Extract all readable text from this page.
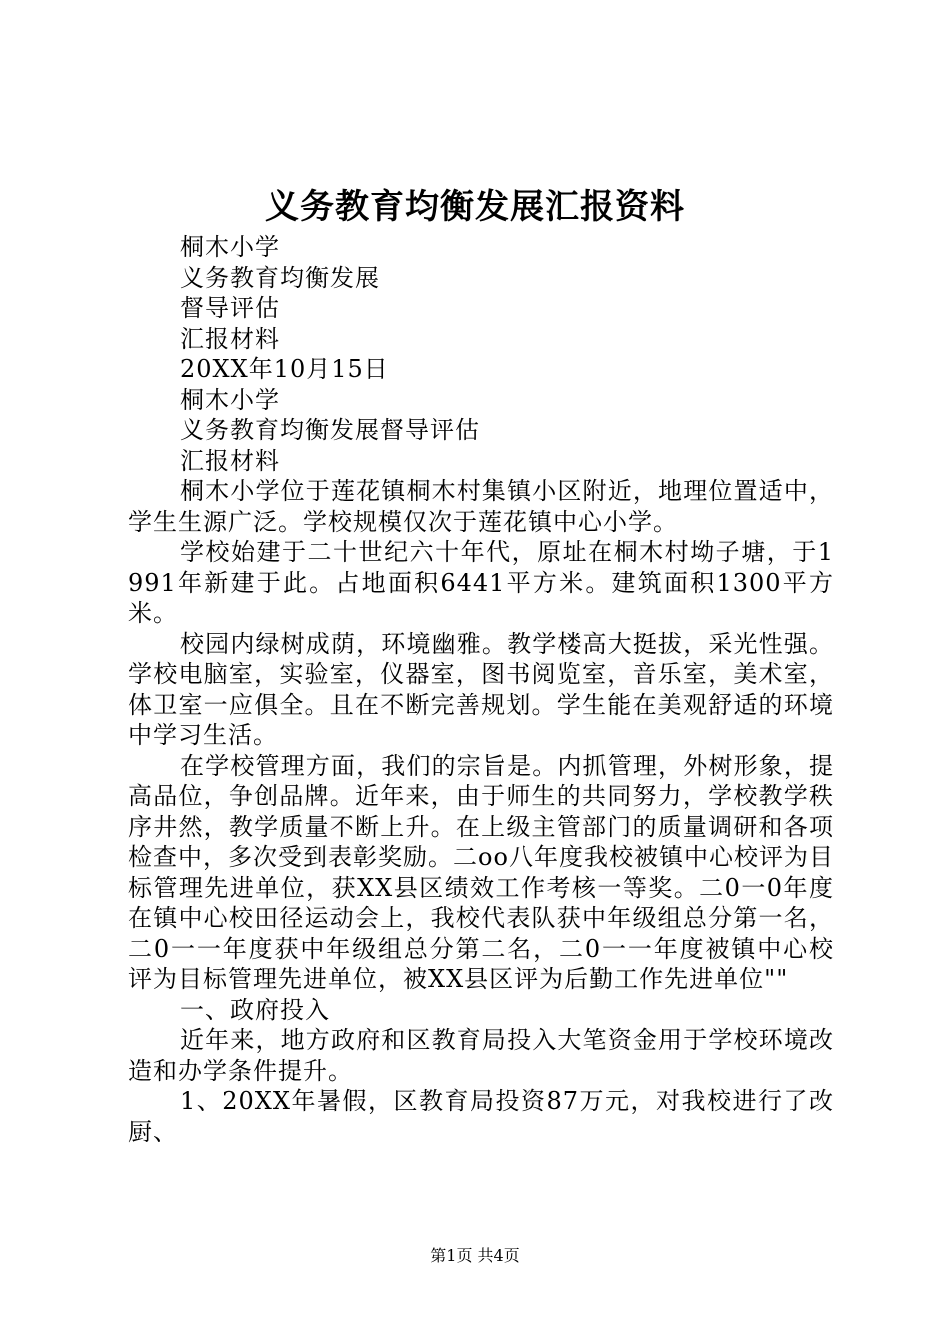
义务教育均衡发展汇报资料

桐木小学

义务教育均衡发展

督导评估

汇报材料

20XX年10月15日

桐木小学

义务教育均衡发展督导评估

汇报材料

桐木小学位于莲花镇桐木村集镇小区附近，地理位置适中，学生生源广泛。学校规模仅次于莲花镇中心小学。

学校始建于二十世纪六十年代，原址在桐木村坳子塘，于1991年新建于此。占地面积6441平方米。建筑面积1300平方米。

校园内绿树成荫，环境幽雅。教学楼高大挺拔，采光性强。学校电脑室，实验室，仪器室，图书阅览室，音乐室，美术室，体卫室一应俱全。且在不断完善规划。学生能在美观舒适的环境中学习生活。

在学校管理方面，我们的宗旨是。内抓管理，外树形象，提高品位，争创品牌。近年来，由于师生的共同努力，学校教学秩序井然，教学质量不断上升。在上级主管部门的质量调研和各项检查中，多次受到表彰奖励。二oo八年度我校被镇中心校评为目标管理先进单位，获XX县区绩效工作考核一等奖。二0一0年度在镇中心校田径运动会上，我校代表队获中年级组总分第一名，二0一一年度获中年级组总分第二名，二0一一年度被镇中心校评为目标管理先进单位，被XX县区评为后勤工作先进单位""

一、政府投入

近年来，地方政府和区教育局投入大笔资金用于学校环境改造和办学条件提升。

1、20XX年暑假，区教育局投资87万元，对我校进行了改厨、

第1页 共4页
